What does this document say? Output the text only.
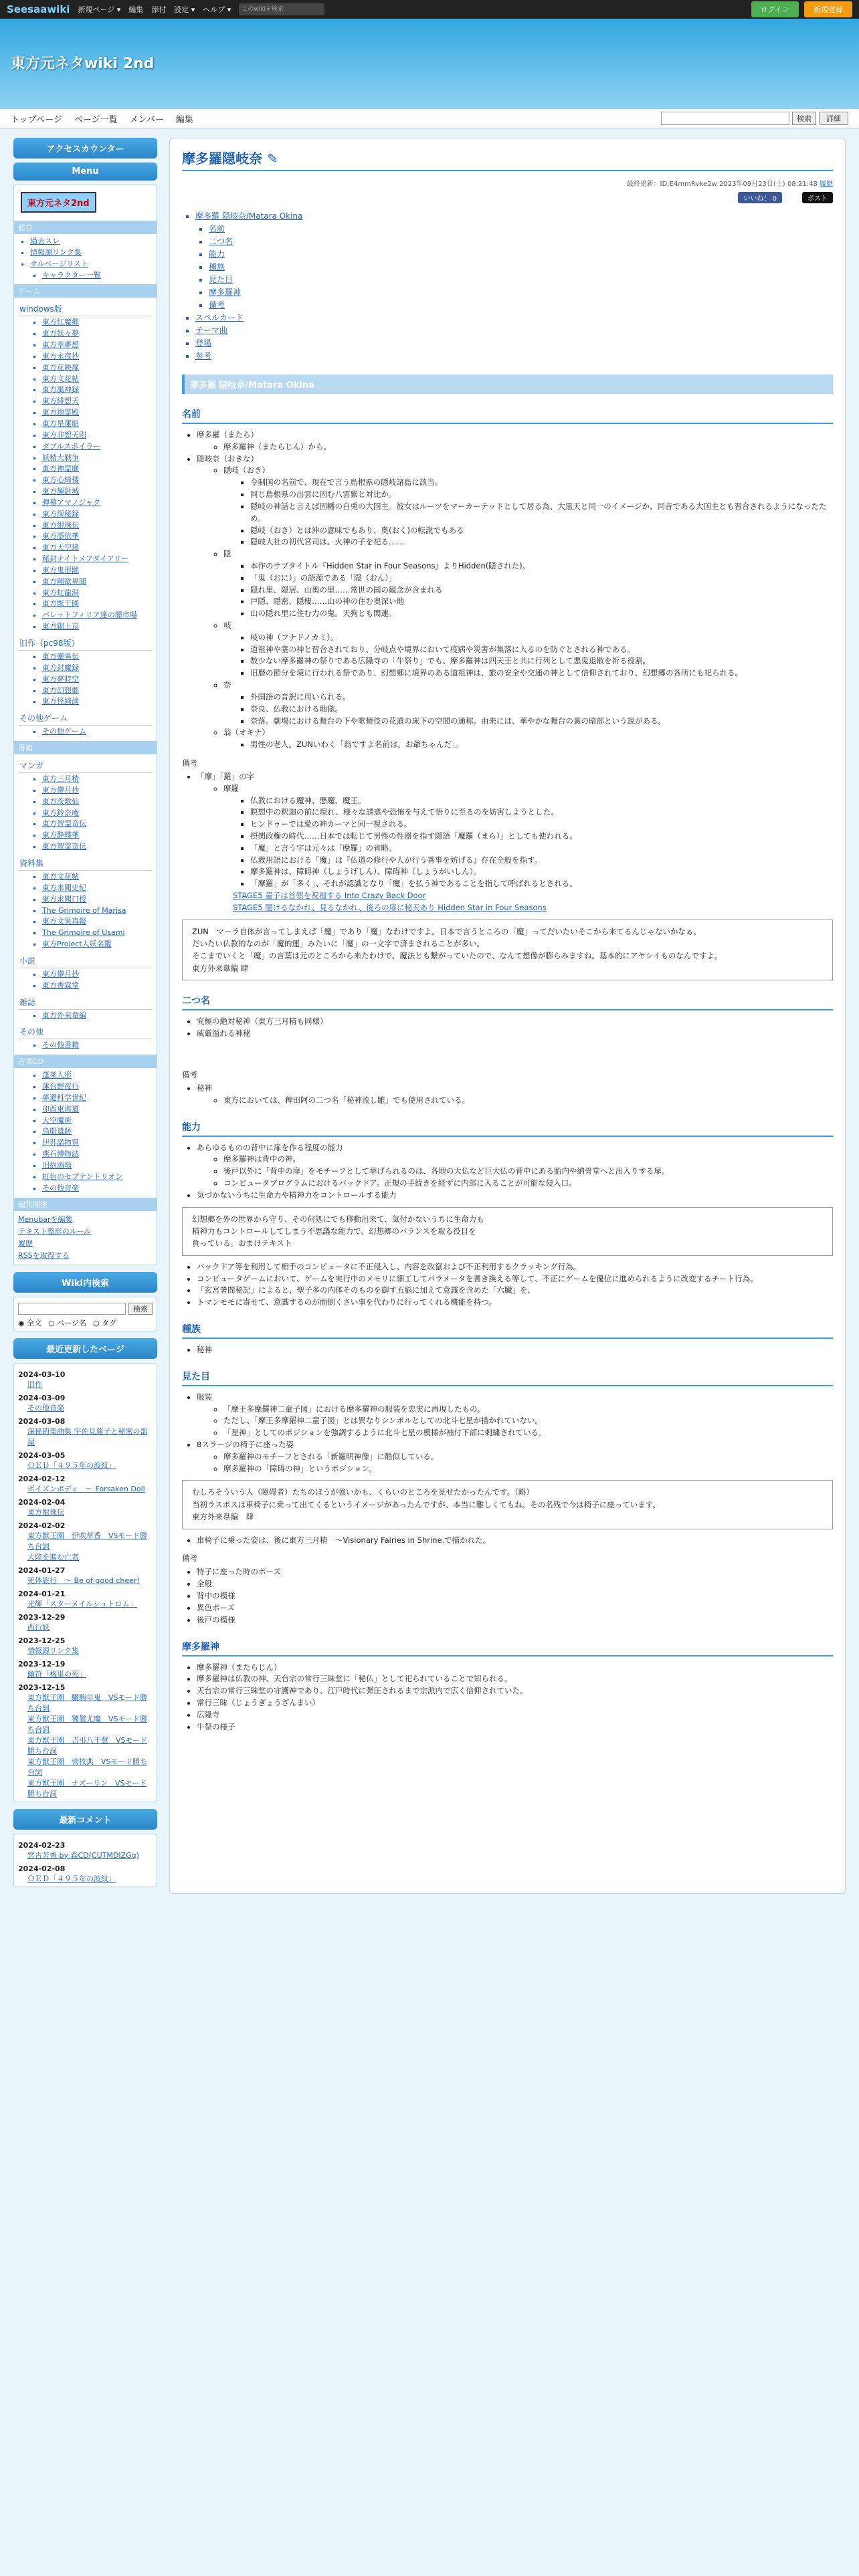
Seesaawiki 新規ページ ▾ 編集 添付 設定 ▾ ヘルプ ▾	このwikiを検索	ログイン	新規登録
東方元ネタwiki 2nd
トップページ ページ一覧 メンバー 編集	検索	詳細
アクセスカウンター
Menu
東方元ネタ2nd
総合
▪ 過去スレ
▪ 情報源リンク集
▪ サルページリスト
▪ キャラクター一覧
ゲーム
windows版
▪ 東方紅魔郷
▪ 東方妖々夢
▪ 東方萃夢想
▪ 東方永夜抄
▪ 東方花映塚
▪ 東方文花帖
▪ 東方風神録
▪ 東方緋想天
▪ 東方地霊殿
▪ 東方星蓮船
▪ 東方非想天則
▪ ダブルスポイラー
▪ 妖精大戦争
▪ 東方神霊廟
▪ 東方心綺楼
▪ 東方輝針城
▪ 弾幕アマノジャク
▪ 東方深秘録
▪ 東方紺珠伝
▪ 東方憑依華
▪ 東方天空璋
▪ 秘封ナイトメアダイアリー
▪ 東方鬼形獣
▪ 東方剛欲異聞
▪ 東方虹龍洞
▪ 東方獣王園
▪ バレットフィリア達の闇市場
▪ 東方錦上京
旧作（pc98版）
▪ 東方靈異伝
▪ 東方封魔録
▪ 東方夢時空
▪ 東方幻想郷
▪ 東方怪綺談
その他ゲーム
▪ その他ゲーム
書籍
マンガ
▪ 東方三月精
▪ 東方儚月抄
▪ 東方茨歌仙
▪ 東方鈴奈庵
▪ 東方智霊奇伝
▪ 東方酔蝶華
▪ 東方智霊奇伝
資料集
▪ 東方文花帖
▪ 東方求聞史紀
▪ 東方求聞口授
▪ The Grimoire of Marisa
▪ 東方文果真報
▪ The Grimoire of Usami
▪ 東方Project人妖名鑑
小説
▪ 東方儚月抄
▪ 東方香霖堂
雑誌
▪ 東方外来韋編
その他
▪ その他書籍
音楽CD
▪ 蓬莱人形
▪ 蓮台野夜行
▪ 夢違科学世紀
▪ 卯酉東海道
▪ 大空魔術
▪ 鳥船遺跡
▪ 伊弉諾物質
▪ 燕石博物誌
▪ 旧約酒場
▪ 虹色のセプテントリオン
▪ その他音楽
編集関係
Menubarを編集
テキスト整形のルール
履歴
RSSを取得する
Wiki内検索
検索
◉ 全文 ○ ページ名 ○ タグ
最近更新したページ
2024-03-10
旧作
2024-03-09
その他音楽
2024-03-08
深秘的楽曲集 宇佐見蓮子と秘密の部屋
2024-03-05
ＯＥＤ「４９５年の波紋」
2024-02-12
ポイズンボディ　～ Forsaken Doll
2024-02-04
東方紺珠伝
2024-02-02
東方獣王園　伊吹萃香　VSモード勝ち台詞
大陸を進む亡者
2024-01-27
死体旅行　～ Be of good cheer!
2024-01-21
光輝「スターメイルシュトロム」
2023-12-29
西行妖
2023-12-25
情報源リンク集
2023-12-19
幽符「梅里の死」
2023-12-15
東方獣王園　驪駒早鬼　VSモード勝ち台詞
東方獣王園　饕餮尤魔　VSモード勝ち台詞
東方獣王園　吉弔八千慧　VSモード勝ち台詞
東方獣王園　菅牧典　VSモード勝ち台詞
東方獣王園　ナズーリン　VSモード勝ち台詞
最新コメント
2024-02-23
宮古芳香 by 森CD(CUTMDIZGg)
2024-02-08
ＯＥＤ「４９５年の波紋」
摩多羅隠岐奈 ✎
最終更新：ID:E4mmRvke2w 2023年09月23日(土) 08:21:48 履歴
いいね！ 0	ポスト
▪ 摩多羅 隠岐奈/Matara Okina
▪ 名前
▪ 二つ名
▪ 能力
▪ 種族
▪ 見た目
▪ 摩多羅神
▪ 備考
▪ スペルカード
▪ テーマ曲
▪ 登場
▪ 参考
摩多羅 隠岐奈/Matara Okina
名前
• 摩多羅（またら）
◦ 摩多羅神（またらじん）から。
• 隠岐奈（おきな）
◦ 隠岐（おき）
▪ 令制国の名前で、現在で言う島根県の隠岐諸島に該当。
▪ 同じ島根県の出雲に因む八雲紫と対比か。
▪ 隠岐の神話と言えば因幡の白兎の大国主。彼女はルーツをマーカーテッドとして居る為、大黒天と同一のイメージか、同音である大国主とも習合されるようになったため。
▪ 隠岐（おき）とは沖の意味でもあり、奥(おく)の転訛でもある
▪ 隠岐大社の初代宮司は、火神の子を祀る……
◦ 隠
▪ 本作のサブタイトル『Hidden Star in Four Seasons』よりHidden(隠された)。
▪ 「鬼（おに）」の語源である「隠（おん）」
▪ 隠れ里、隠居、山奥の里……常世の国の観念が含まれる
▪ 戸隠、隠密、隠棲……山の神の住む奥深い地
▪ 山の隠れ里に住む力の鬼。天狗とも関連。
◦ 岐
▪ 岐の神（フナドノカミ）。
▪ 道祖神や塞の神と習合されており、分岐点や境界において疫病や災害が集落に入るのを防ぐとされる神である。
▪ 数少ない摩多羅神の祭りである広隆寺の「牛祭り」でも、摩多羅神は四天王と共に行列として悪鬼退散を祈る役割。
▪ 旧暦の節分を境に行われる祭であり、幻想郷に境界のある道祖神は、旅の安全や交通の神として信仰されており、幻想郷の各所にも祀られる。
◦ 奈
▪ 外国語の音訳に用いられる。
▪ 奈良、仏教における地獄。
▪ 奈落。劇場における舞台の下や歌舞伎の花道の床下の空間の通称。由来には、華やかな舞台の裏の暗部という説がある。
◦ 翁（オキナ）
▪ 男性の老人。ZUNいわく「翁ですよ名前は。お爺ちゃんだ」。
備考
• 「摩」「羅」の字
◦ 摩羅
▪ 仏教における魔神、悪魔、魔王。
▪ 瞑想中の釈迦の前に現れ、様々な誘惑や恐怖を与えて悟りに至るのを妨害しようとした。
▪ ヒンドゥーでは愛の神カーマと同一視される。
▪ 摂関政権の時代……日本では転じて男性の性器を指す隠語「魔羅（まら）」としても使われる。
▪ 「魔」と言う字は元々は「摩羅」の省略。
▪ 仏教用語における「魔」は『仏道の修行や人が行う善事を妨げる』存在全般を指す。
▪ 摩多羅神は、障碍神（しょうげしん）、障碍神（しょうがいしん）。
▪ 「摩羅」が「多く」、それが認識となり「魔」を払う神であることを指して呼ばれるとされる。
STAGE5 童子は首領を祝福する Into Crazy Back Door
STAGE5 闇けるなかれ、見るなかれ、後ろの扉に秘天あり Hidden Star in Four Seasons
ZUN　マーラ自体が言ってしまえば「魔」であり「魔」なわけですよ。日本で言うところの「魔」ってだいたいそこから来てるんじゃないかなぁ。
だいたい仏教的なのが「魔的運」みたいに「魔」の一文字で済まされることが多い。
そこまでいくと「魔」の言葉は元のところから来たわけで、魔法とも繋がっていたので、なんて想像が膨らみますね。基本的にアヤシイものなんですよ。
東方外来韋編 肆
二つ名
• 究極の絶対秘神（東方三月精も同様）
• 威厳溢れる神秘
備考
• 秘神
◦ 東方においては、稗田阿の二つ名「秘神流し雛」でも使用されている。
能力
• あらゆるものの背中に扉を作る程度の能力
◦ 摩多羅神は背中の神。
◦ 後戸以外に「背中の扉」をモチーフとして挙げられるのは、各地の大仏など巨大仏の背中にある胎内や納骨堂へと出入りする扉。
◦ コンピュータプログラムにおけるバックドア。正規の手続きを経ずに内部に入ることが可能な侵入口。
• 気づかないうちに生命力や精神力をコントロールする能力
幻想郷を外の世界から守り、その何処にでも移動出来て、気付かないうちに生命力も
精神力もコントロールしてしまう不思議な能力で、幻想郷のバランスを取る役目を
負っている。おまけテキスト
• バックドア等を利用して相手のコンピュータに不正侵入し、内容を改竄および不正利用するクラッキング行為。
• コンピュータゲームにおいて、ゲームを実行中のメモリに細工してパラメータを書き換える等して、不正にゲームを優位に進められるように改変するチート行為。
• 「玄宮署間秘記」によると、聖子多の内体そのものを御す五脳に加えて意識を含めた「六臓」を、
• トマンモモに寄せて、意識するのが面倒くさい事を代わりに行ってくれる機能を持つ。
種族
• 秘神
見た目
• 服装
◦ 「摩王多摩羅神二童子図」における摩多羅神の服装を忠実に再現したもの。
◦ ただし、「摩王多摩羅神二童子図」とは異なりシンボルとしての北斗七星が描かれていない。
◦ 「星神」としてのポジションを強調するように北斗七星の模様が袖付下部に刺繍されている。
• 8スラージの椅子に座った姿
◦ 摩多羅神のモチーフとされる「新羅明神像」に酷似している。
◦ 摩多羅神の「障碍の神」というポジション。
むしろそういう人（障碍者）たちのほうが強いかも、くらいのところを見せたかったんです。（略）
当初ラスボスは車椅子に乗って出てくるというイメージがあったんですが、本当に難しくてもね。その名残で今は椅子に座っています。
東方外来韋編　肆
• 車椅子に乗った姿は、後に東方三月精　～Visionary Fairies in Shrine.で描かれた。
備考
• 特子に座った時のポーズ
• 全般
• 背中の模様
• 異色ポーズ
• 後戸の模様
摩多羅神
• 摩多羅神（またらじん）
• 摩多羅神は仏教の神、天台宗の常行三昧堂に「秘仏」として祀られていることで知られる。
• 天台宗の常行三昧堂の守護神であり、江戸時代に弾圧されるまで宗派内で広く信仰されていた。
• 常行三昧（じょうぎょうざんまい）
• 広隆寺
• 牛祭の様子
